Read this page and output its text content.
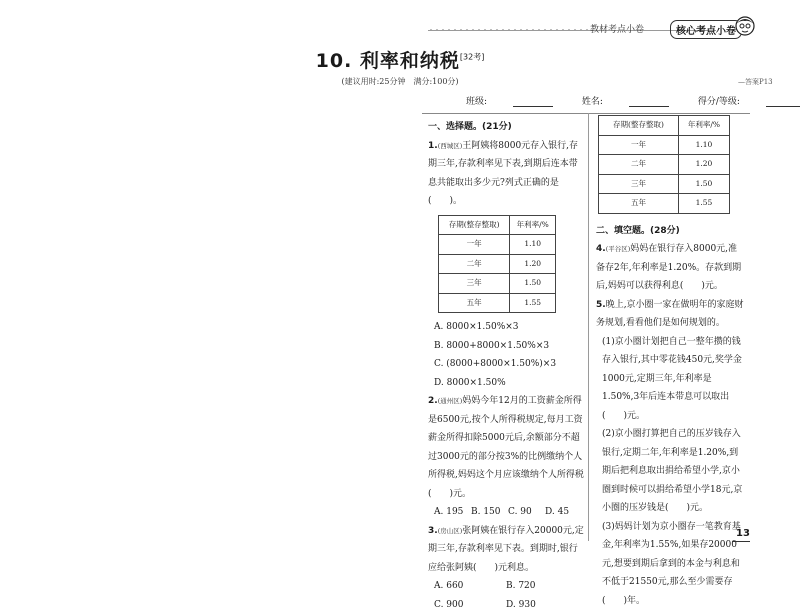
教材考点小卷	核心考点小卷
10. 利率和纳税[32考]
(建议用时:25分钟　满分:100分)	—答案P13
班级:	姓名:	得分/等级:
一、选择题。(21分)

1.(西城区)王阿姨将8000元存入银行,存期三年,存款利率见下表,到期后连本带息共能取出多少元?列式正确的是(　　)。

存期(整存整取)	年利率/%
一年	1.10
二年	1.20
三年	1.50
五年	1.55
A. 8000×1.50%×3
B. 8000+8000×1.50%×3
C. (8000+8000×1.50%)×3
D. 8000×1.50%

2.(通州区)妈妈今年12月的工资薪金所得是6500元,按个人所得税规定,每月工资薪金所得扣除5000元后,余额部分不超过3000元的部分按3%的比例缴纳个人所得税,妈妈这个月应该缴纳个人所得税(　　)元。

A. 195 B. 150 C. 90 D. 45

3.(房山区)张阿姨在银行存入20000元,定期三年,存款利率见下表。到期时,银行应给张阿姨(　　)元利息。

A. 660	B. 720
C. 900	D. 930
存期(整存整取)	年利率/%
一年	1.10
二年	1.20
三年	1.50
五年	1.55
二、填空题。(28分)

4.(平谷区)妈妈在银行存入8000元,准备存2年,年利率是1.20%。存款到期后,妈妈可以获得利息(　　)元。

5.晚上,京小圈一家在做明年的家庭财务规划,看看他们是如何规划的。

(1)京小圈计划把自己一整年攒的钱存入银行,其中零花钱450元,奖学金1000元,定期三年,年利率是1.50%,3年后连本带息可以取出(　　)元。

(2)京小圈打算把自己的压岁钱存入银行,定期二年,年利率是1.20%,到期后把利息取出捐给希望小学,京小圈到时候可以捐给希望小学18元,京小圈的压岁钱是(　　)元。

(3)妈妈计划为京小圈存一笔教育基金,年利率为1.55%,如果存20000元,想要到期后拿到的本金与利息和不低于21550元,那么至少需要存(　　)年。

13
